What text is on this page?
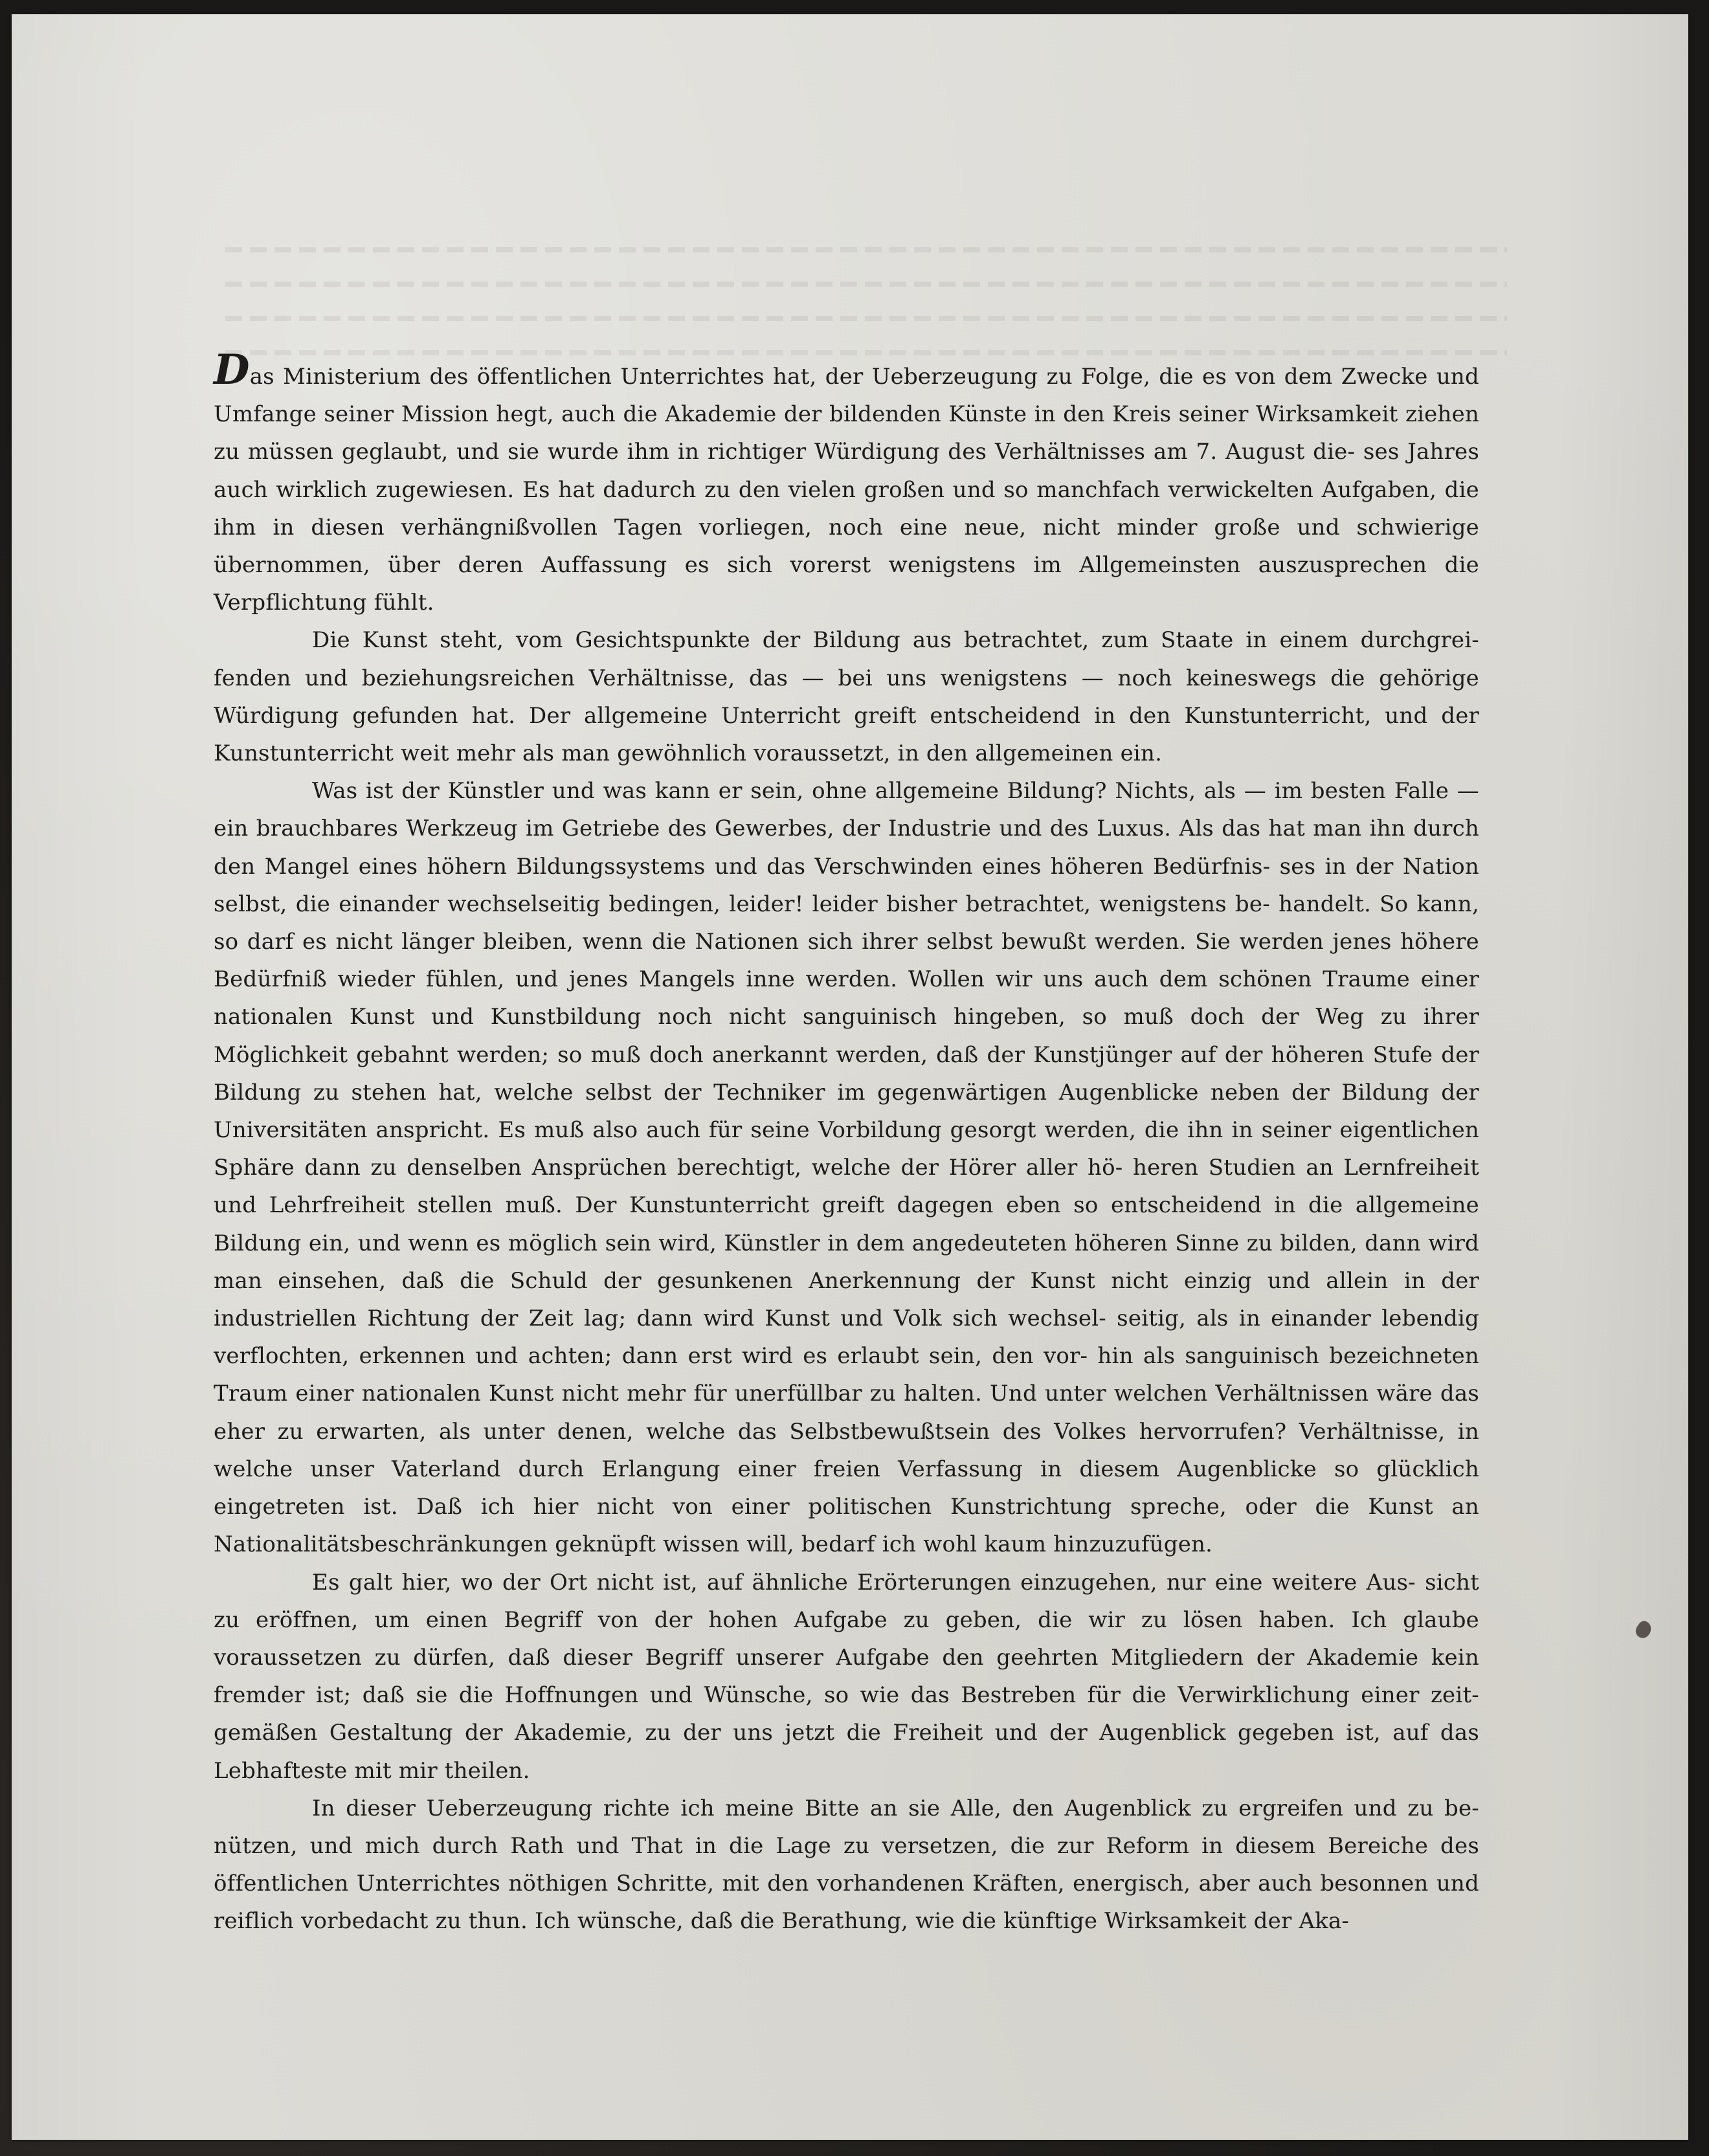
Das Ministerium des öffentlichen Unterrichtes hat, der Ueberzeugung zu Folge, die es von dem Zwecke und Umfange seiner Mission hegt, auch die Akademie der bildenden Künste in den Kreis seiner Wirksamkeit ziehen zu müssen geglaubt, und sie wurde ihm in richtiger Würdigung des Verhältnisses am 7. August die- ses Jahres auch wirklich zugewiesen. Es hat dadurch zu den vielen großen und so manchfach verwickelten Aufgaben, die ihm in diesen verhängnißvollen Tagen vorliegen, noch eine neue, nicht minder große und schwierige übernommen, über deren Auffassung es sich vorerst wenigstens im Allgemeinsten auszusprechen die Verpflichtung fühlt.

Die Kunst steht, vom Gesichtspunkte der Bildung aus betrachtet, zum Staate in einem durchgrei- fenden und beziehungsreichen Verhältnisse, das — bei uns wenigstens — noch keineswegs die gehörige Würdigung gefunden hat. Der allgemeine Unterricht greift entscheidend in den Kunstunterricht, und der Kunstunterricht weit mehr als man gewöhnlich voraussetzt, in den allgemeinen ein.

Was ist der Künstler und was kann er sein, ohne allgemeine Bildung? Nichts, als — im besten Falle — ein brauchbares Werkzeug im Getriebe des Gewerbes, der Industrie und des Luxus. Als das hat man ihn durch den Mangel eines höhern Bildungssystems und das Verschwinden eines höheren Bedürfnis- ses in der Nation selbst, die einander wechselseitig bedingen, leider! leider bisher betrachtet, wenigstens be- handelt. So kann, so darf es nicht länger bleiben, wenn die Nationen sich ihrer selbst bewußt werden. Sie werden jenes höhere Bedürfniß wieder fühlen, und jenes Mangels inne werden. Wollen wir uns auch dem schönen Traume einer nationalen Kunst und Kunstbildung noch nicht sanguinisch hingeben, so muß doch der Weg zu ihrer Möglichkeit gebahnt werden; so muß doch anerkannt werden, daß der Kunstjünger auf der höheren Stufe der Bildung zu stehen hat, welche selbst der Techniker im gegenwärtigen Augenblicke neben der Bildung der Universitäten anspricht. Es muß also auch für seine Vorbildung gesorgt werden, die ihn in seiner eigentlichen Sphäre dann zu denselben Ansprüchen berechtigt, welche der Hörer aller hö- heren Studien an Lernfreiheit und Lehrfreiheit stellen muß. Der Kunstunterricht greift dagegen eben so entscheidend in die allgemeine Bildung ein, und wenn es möglich sein wird, Künstler in dem angedeuteten höheren Sinne zu bilden, dann wird man einsehen, daß die Schuld der gesunkenen Anerkennung der Kunst nicht einzig und allein in der industriellen Richtung der Zeit lag; dann wird Kunst und Volk sich wechsel- seitig, als in einander lebendig verflochten, erkennen und achten; dann erst wird es erlaubt sein, den vor- hin als sanguinisch bezeichneten Traum einer nationalen Kunst nicht mehr für unerfüllbar zu halten. Und unter welchen Verhältnissen wäre das eher zu erwarten, als unter denen, welche das Selbstbewußtsein des Volkes hervorrufen? Verhältnisse, in welche unser Vaterland durch Erlangung einer freien Verfassung in diesem Augenblicke so glücklich eingetreten ist. Daß ich hier nicht von einer politischen Kunstrichtung spreche, oder die Kunst an Nationalitätsbeschränkungen geknüpft wissen will, bedarf ich wohl kaum hinzuzufügen.

Es galt hier, wo der Ort nicht ist, auf ähnliche Erörterungen einzugehen, nur eine weitere Aus- sicht zu eröffnen, um einen Begriff von der hohen Aufgabe zu geben, die wir zu lösen haben. Ich glaube voraussetzen zu dürfen, daß dieser Begriff unserer Aufgabe den geehrten Mitgliedern der Akademie kein fremder ist; daß sie die Hoffnungen und Wünsche, so wie das Bestreben für die Verwirklichung einer zeit- gemäßen Gestaltung der Akademie, zu der uns jetzt die Freiheit und der Augenblick gegeben ist, auf das Lebhafteste mit mir theilen.

In dieser Ueberzeugung richte ich meine Bitte an sie Alle, den Augenblick zu ergreifen und zu be- nützen, und mich durch Rath und That in die Lage zu versetzen, die zur Reform in diesem Bereiche des öffentlichen Unterrichtes nöthigen Schritte, mit den vorhandenen Kräften, energisch, aber auch besonnen und reiflich vorbedacht zu thun. Ich wünsche, daß die Berathung, wie die künftige Wirksamkeit der Aka-
